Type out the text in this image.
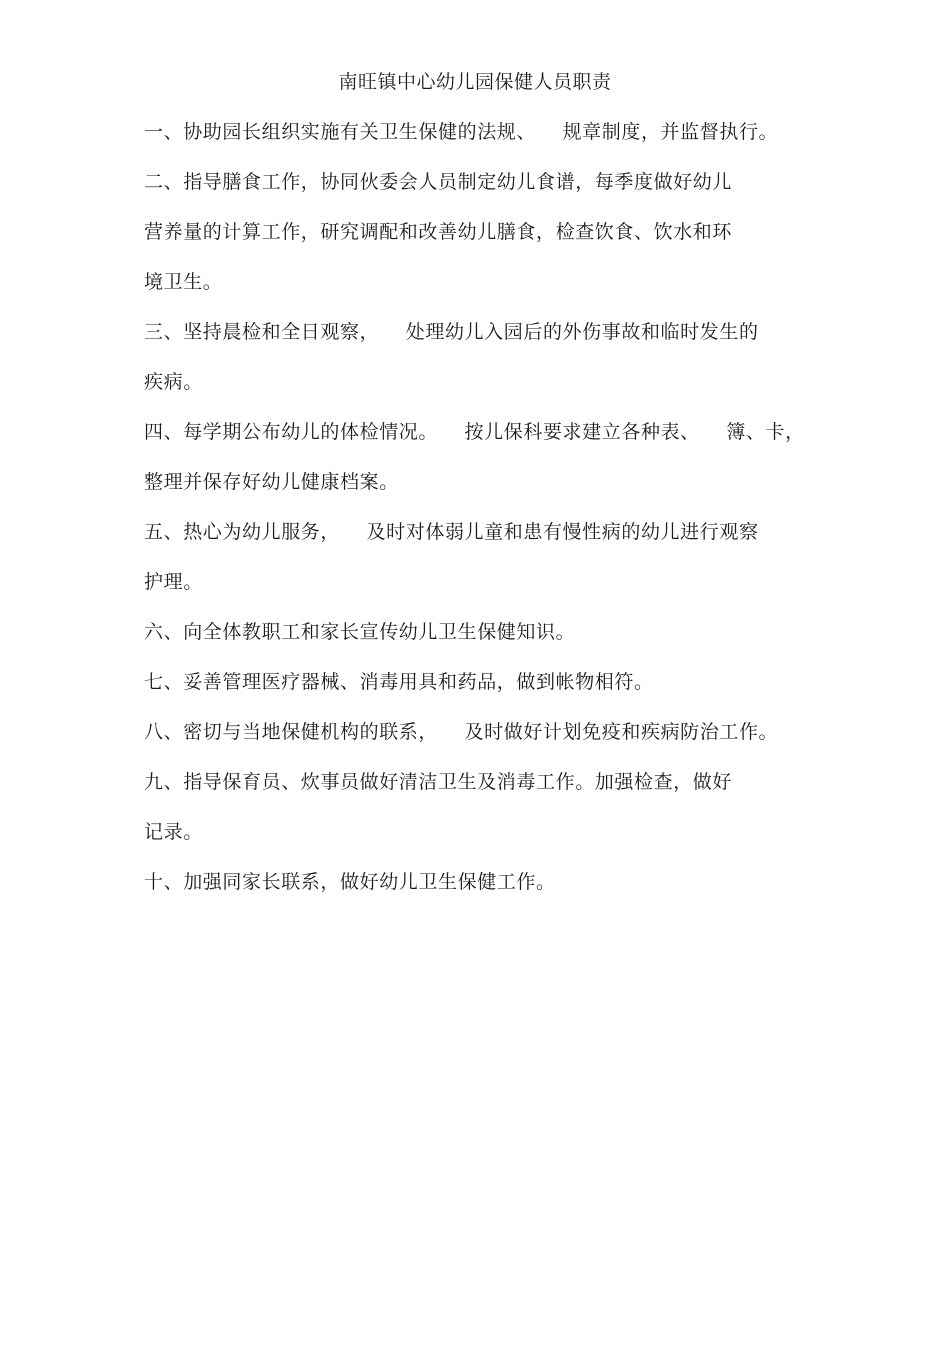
南旺镇中心幼儿园保健人员职责
一、协助园长组织实施有关卫生保健的法规、    规章制度，并监督执行。
二、指导膳食工作，协同伙委会人员制定幼儿食谱，每季度做好幼儿
营养量的计算工作，研究调配和改善幼儿膳食，检查饮食、饮水和环
境卫生。
三、坚持晨检和全日观察，    处理幼儿入园后的外伤事故和临时发生的
疾病。
四、每学期公布幼儿的体检情况。    按儿保科要求建立各种表、    簿、卡，
整理并保存好幼儿健康档案。
五、热心为幼儿服务，    及时对体弱儿童和患有慢性病的幼儿进行观察
护理。
六、向全体教职工和家长宣传幼儿卫生保健知识。
七、妥善管理医疗器械、消毒用具和药品，做到帐物相符。
八、密切与当地保健机构的联系，    及时做好计划免疫和疾病防治工作。
九、指导保育员、炊事员做好清洁卫生及消毒工作。加强检查，做好
记录。
十、加强同家长联系，做好幼儿卫生保健工作。
